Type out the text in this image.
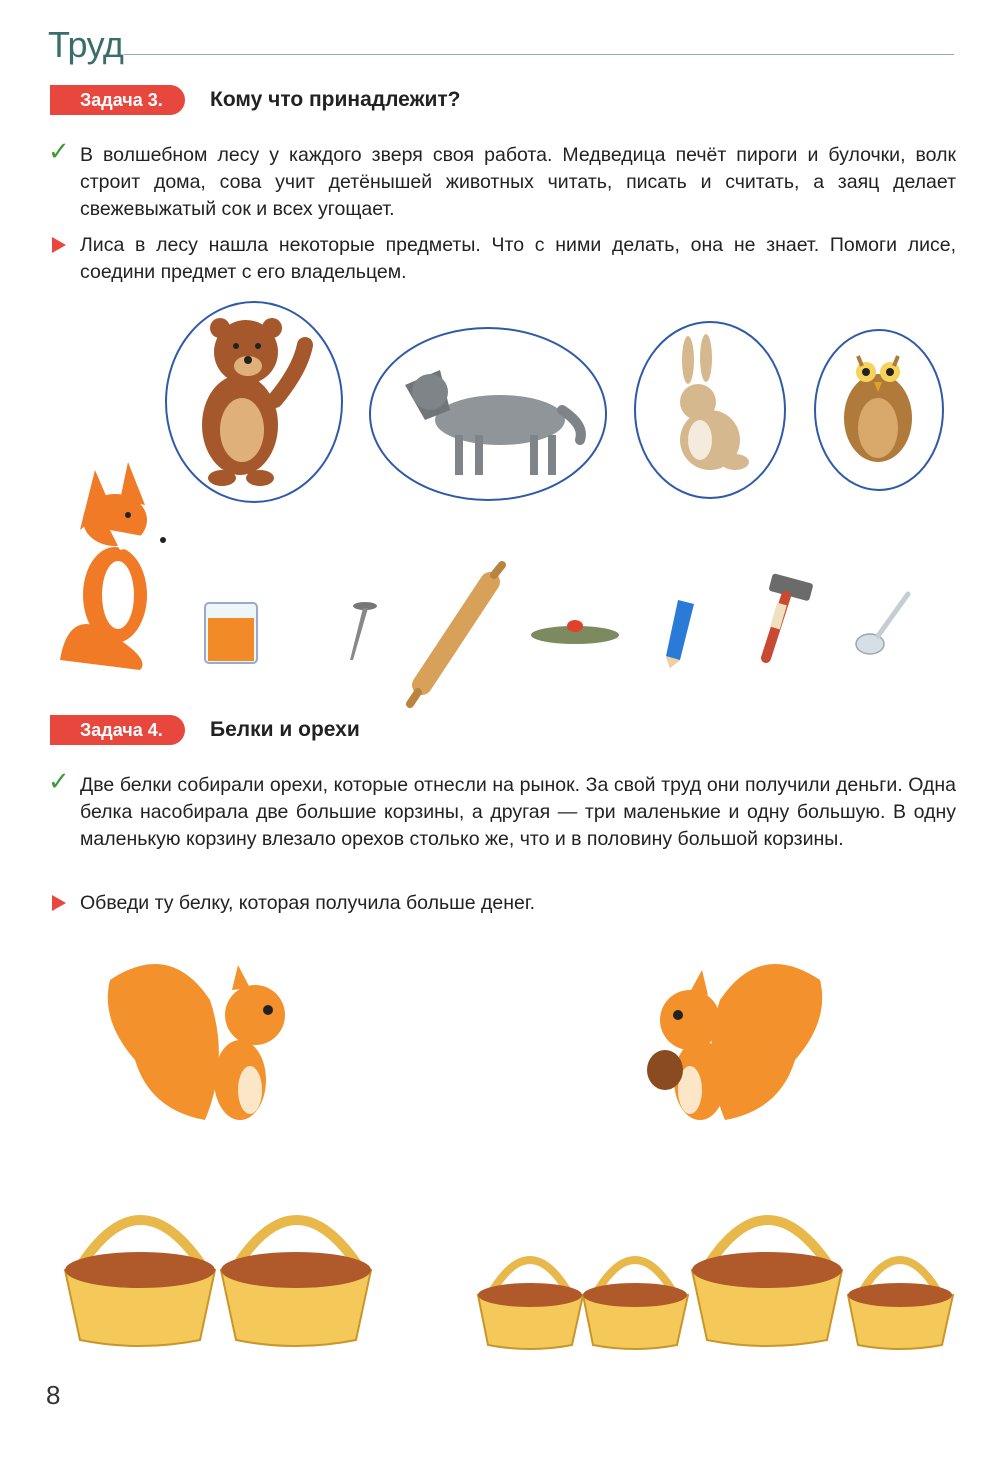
Труд
Задача 3.	Кому что принадлежит?
✓ В волшебном лесу у каждого зверя своя работа. Медведица печёт пироги и булочки, волк строит дома, сова учит детёнышей животных читать, писать и считать, а заяц делает свежевыжатый сок и всех угощает.
Лиса в лесу нашла некоторые предметы. Что с ними делать, она не знает. Помоги лисе, соедини предмет с его владельцем.
Задача 4.	Белки и орехи
✓ Две белки собирали орехи, которые отнесли на рынок. За свой труд они получили деньги. Одна белка насобирала две большие корзины, а другая — три маленькие и одну большую. В одну маленькую корзину влезало орехов столько же, что и в половину большой корзины.
Обведи ту белку, которая получила больше денег.
8
